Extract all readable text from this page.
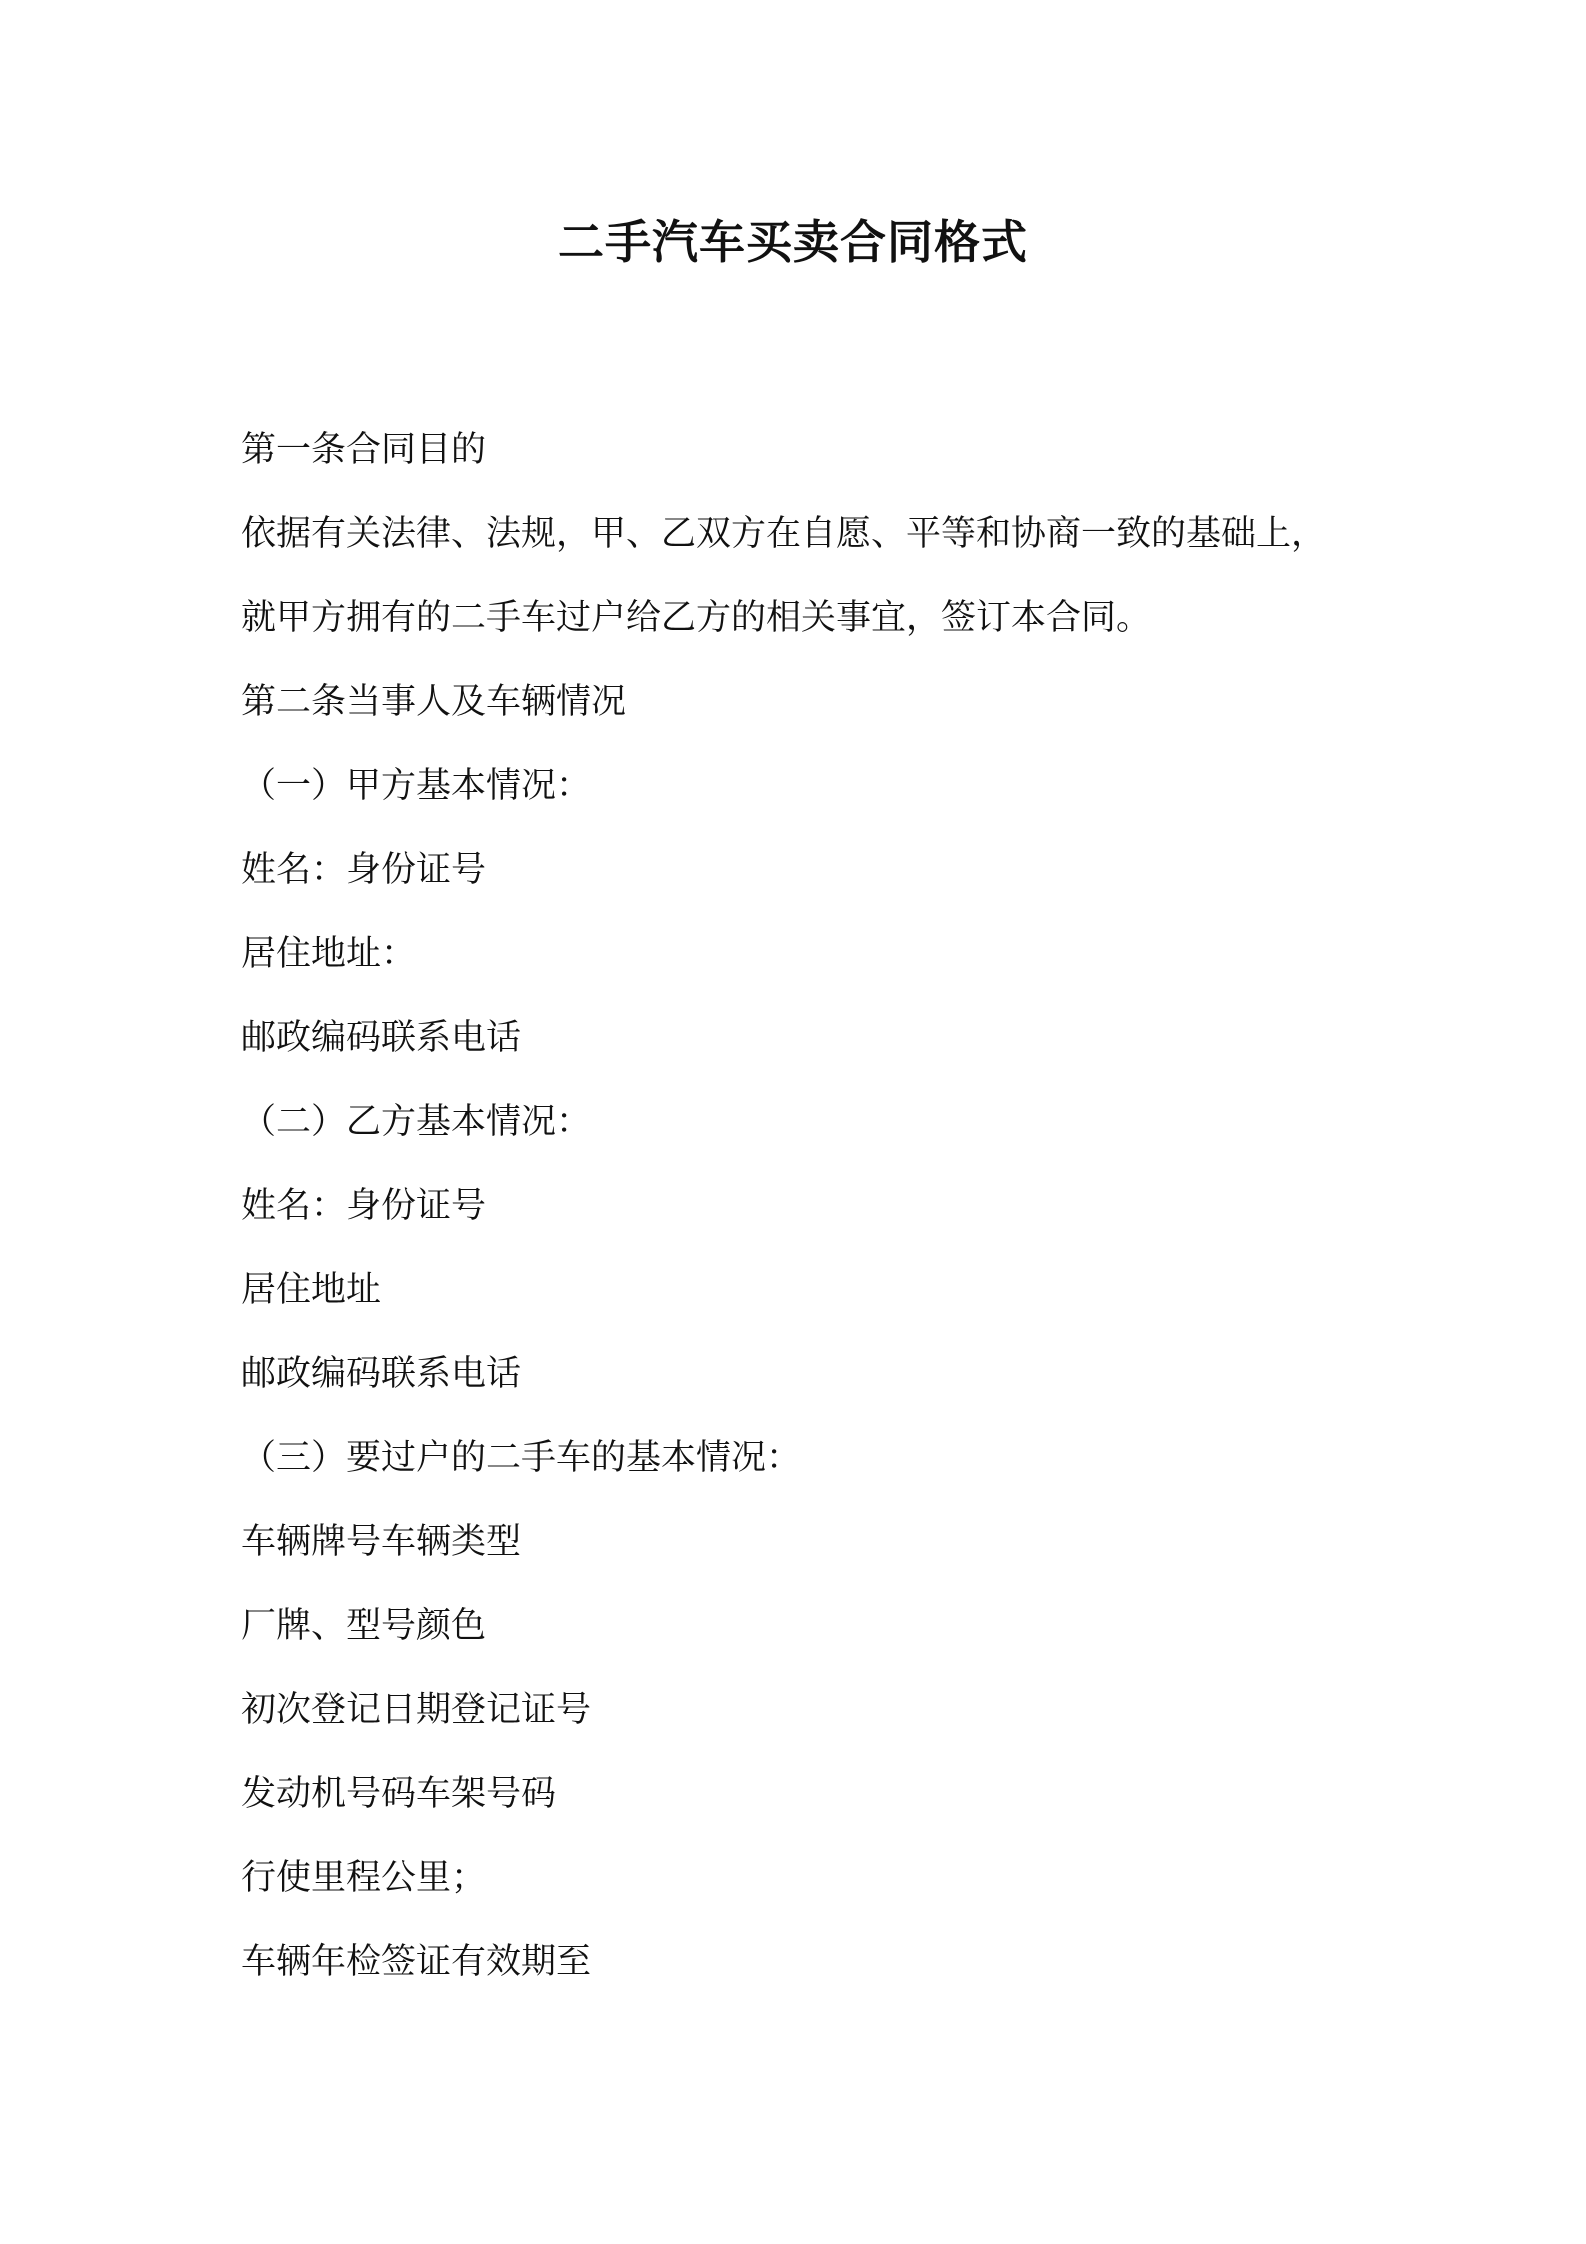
二手汽车买卖合同格式
第一条合同目的
依据有关法律、法规，甲、乙双方在自愿、平等和协商一致的基础上，
就甲方拥有的二手车过户给乙方的相关事宜，签订本合同。
第二条当事人及车辆情况
（一）甲方基本情况：
姓名：身份证号
居住地址：
邮政编码联系电话
（二）乙方基本情况：
姓名：身份证号
居住地址
邮政编码联系电话
（三）要过户的二手车的基本情况：
车辆牌号车辆类型
厂牌、型号颜色
初次登记日期登记证号
发动机号码车架号码
行使里程公里；
车辆年检签证有效期至
